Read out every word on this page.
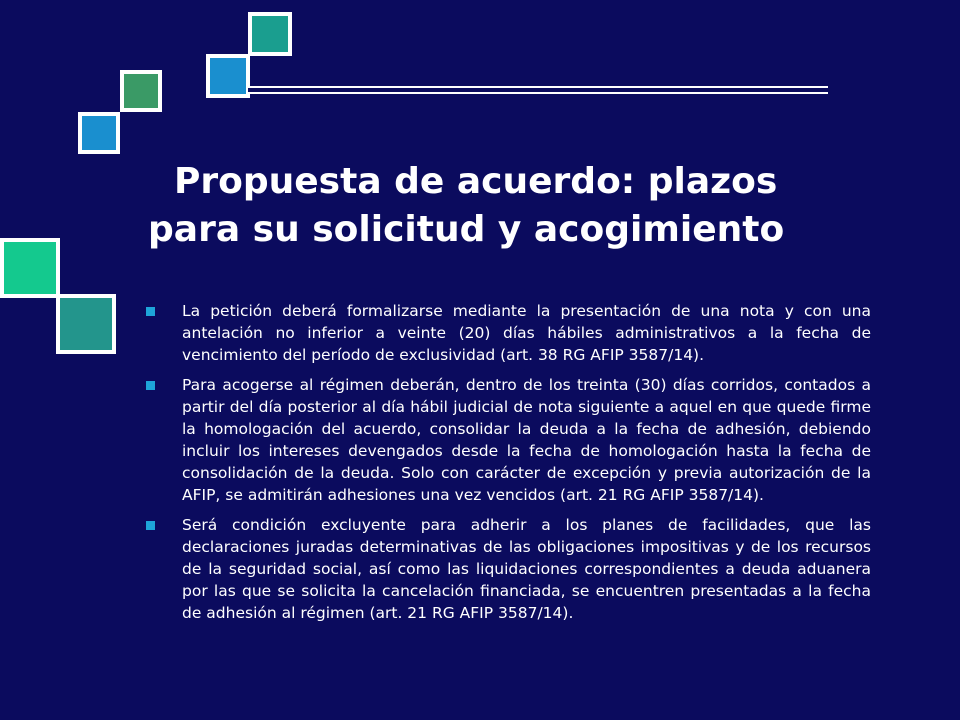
Propuesta de acuerdo: plazos
para su solicitud y acogimiento
La petición deberá formalizarse mediante la presentación de una nota y con una antelación no inferior a veinte (20) días hábiles administrativos a la fecha de vencimiento del período de exclusividad (art. 38 RG AFIP 3587/14).
Para acogerse al régimen deberán, dentro de los treinta (30) días corridos, contados a partir del día posterior al día hábil judicial de nota siguiente a aquel en que quede firme la homologación del acuerdo, consolidar la deuda a la fecha de adhesión, debiendo incluir los intereses devengados desde la fecha de homologación hasta la fecha de consolidación de la deuda. Solo con carácter de excepción y previa autorización de la AFIP, se admitirán adhesiones una vez vencidos (art. 21 RG AFIP 3587/14).
Será condición excluyente para adherir a los planes de facilidades, que las declaraciones juradas determinativas de las obligaciones impositivas y de los recursos de la seguridad social, así como las liquidaciones correspondientes a deuda aduanera por las que se solicita la cancelación financiada, se encuentren presentadas a la fecha de adhesión al régimen (art. 21 RG AFIP 3587/14).
